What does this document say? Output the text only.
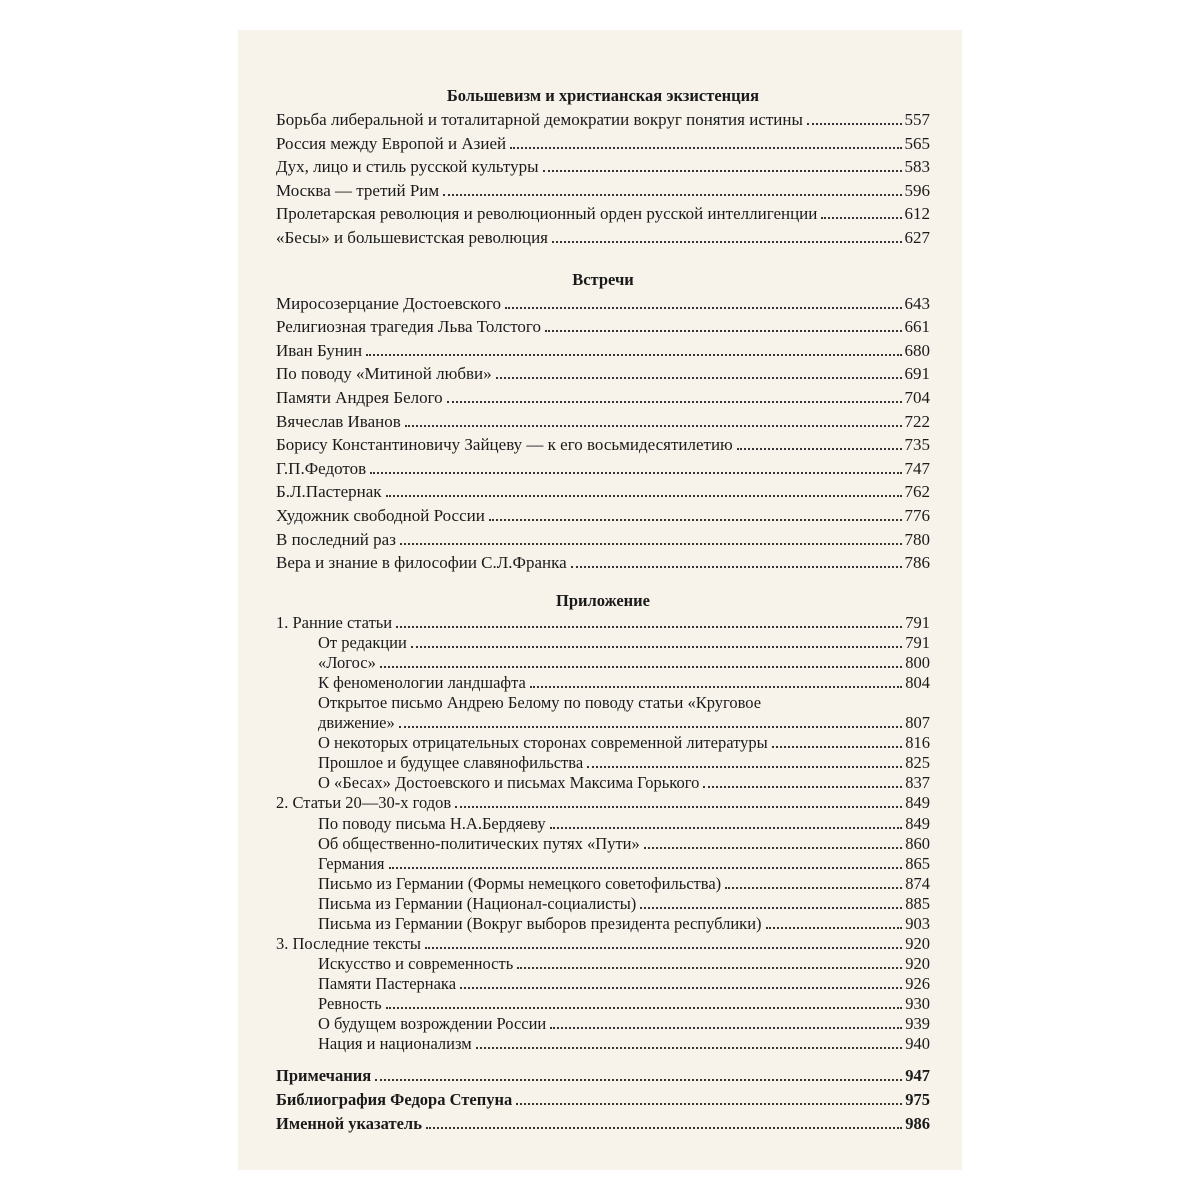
Большевизм и христианская экзистенция
Борьба либеральной и тоталитарной демократии вокруг понятия истины	557
Россия между Европой и Азией	565
Дух, лицо и стиль русской культуры	583
Москва — третий Рим	596
Пролетарская революция и революционный орден русской интеллигенции	612
«Бесы» и большевистская революция	627
Встречи
Миросозерцание Достоевского	643
Религиозная трагедия Льва Толстого	661
Иван Бунин	680
По поводу «Митиной любви»	691
Памяти Андрея Белого	704
Вячеслав Иванов	722
Борису Константиновичу Зайцеву — к его восьмидесятилетию	735
Г.П.Федотов	747
Б.Л.Пастернак	762
Художник свободной России	776
В последний раз	780
Вера и знание в философии С.Л.Франка	786
Приложение
1. Ранние статьи	791
От редакции	791
«Логос»	800
К феноменологии ландшафта	804
Открытое письмо Андрею Белому по поводу статьи «Круговое
движение»	807
О некоторых отрицательных сторонах современной литературы	816
Прошлое и будущее славянофильства	825
О «Бесах» Достоевского и письмах Максима Горького	837
2. Статьи 20—30-х годов	849
По поводу письма Н.А.Бердяеву	849
Об общественно-политических путях «Пути»	860
Германия	865
Письмо из Германии (Формы немецкого советофильства)	874
Письма из Германии (Национал-социалисты)	885
Письма из Германии (Вокруг выборов президента республики)	903
3. Последние тексты	920
Искусство и современность	920
Памяти Пастернака	926
Ревность	930
О будущем возрождении России	939
Нация и национализм	940
Примечания	947
Библиография Федора Степуна	975
Именной указатель	986
